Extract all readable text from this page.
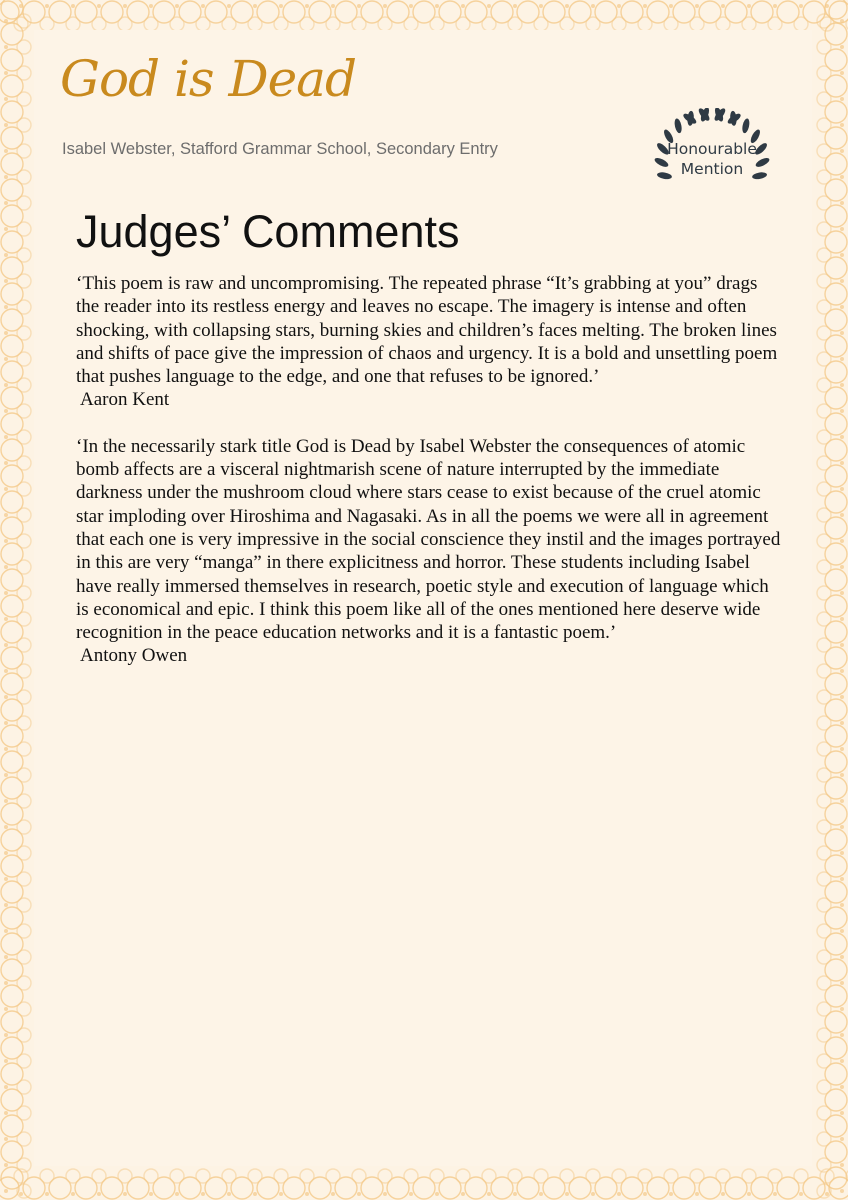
God is Dead
Isabel Webster, Stafford Grammar School, Secondary Entry	Honourable
Mention
Judges’ Comments

‘This poem is raw and uncompromising. The repeated phrase “It’s grabbing at you” drags the reader into its restless energy and leaves no escape. The imagery is intense and often shocking, with collapsing stars, burning skies and children’s faces melting. The broken lines and shifts of pace give the impression of chaos and urgency. It is a bold and unsettling poem that pushes language to the edge, and one that refuses to be ignored.’

Aaron Kent

‘In the necessarily stark title God is Dead by Isabel Webster the consequences of atomic bomb affects are a visceral nightmarish scene of nature interrupted by the immediate darkness under the mushroom cloud where stars cease to exist because of the cruel atomic star imploding over Hiroshima and Nagasaki. As in all the poems we were all in agreement that each one is very impressive in the social conscience they instil and the images portrayed in this are very “manga” in there explicitness and horror. These students including Isabel have really immersed themselves in research, poetic style and execution of language which is economical and epic. I think this poem like all of the ones mentioned here deserve wide recognition in the peace education networks and it is a fantastic poem.’

Antony Owen
